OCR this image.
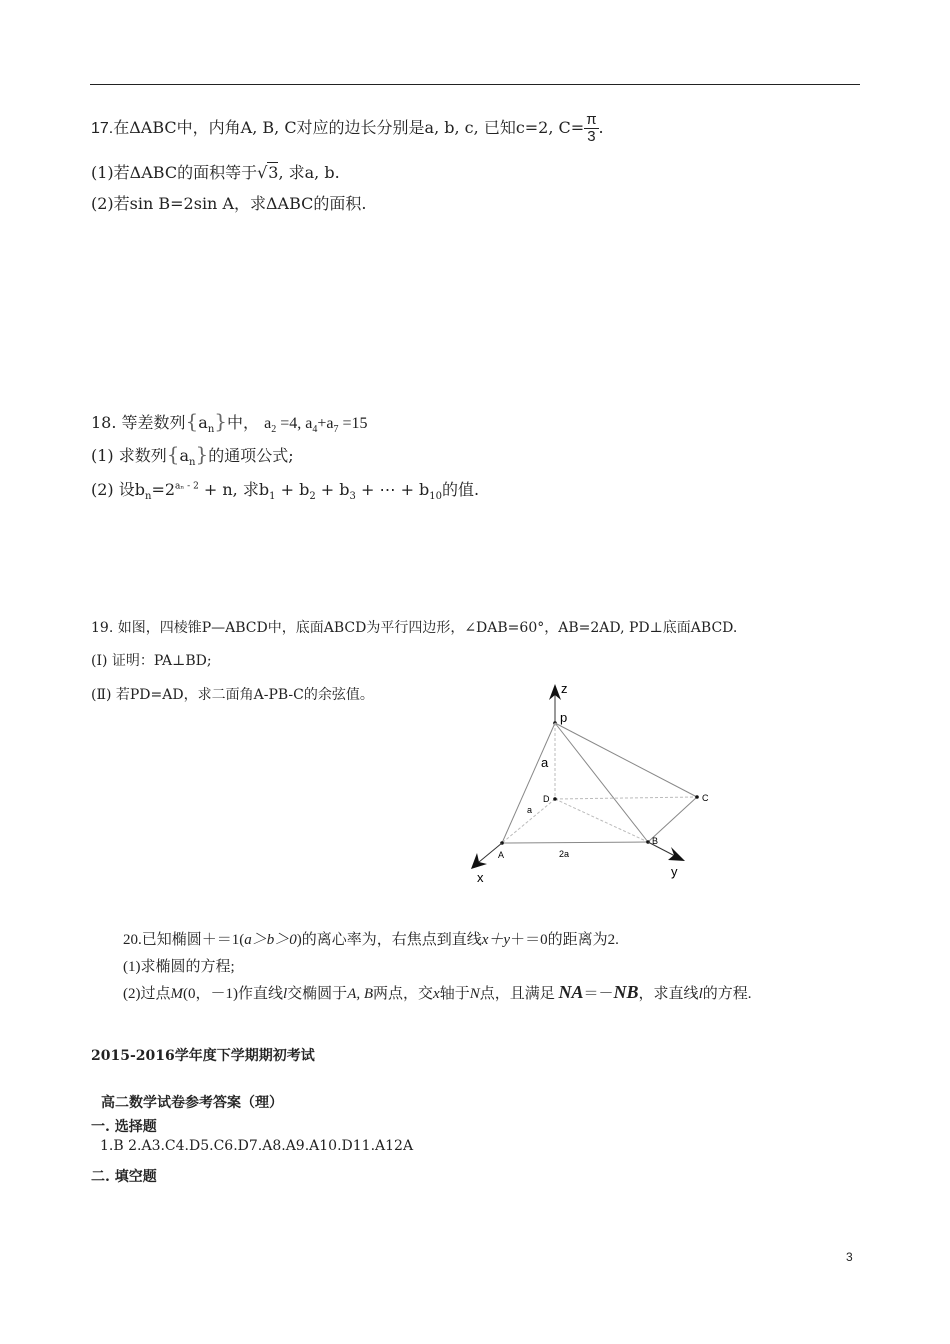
17.在ΔABC中，内角A, B, C对应的边长分别是a, b, c, 已知c=2, $C= \frac{\pi}{3}$ .
(1)若ΔABC的面积等于√3, 求a, b.
(2)若sin B=2sin A，求ΔABC的面积.
18. 等差数列$\{a_n\}$中， $a_2 =4$, $a_4+a_7 =15$
(1) 求数列$\{a_n\}$的通项公式;
(2) 设$b_n=2^{a_n - 2} + n$, 求$b_1 + b_2 + b_3$ + ⋯ + $b_{10}$的值.
19. 如图，四棱锥P—ABCD中，底面ABCD为平行四边形，∠DAB=60°，AB=2AD, PD⊥底面ABCD.
(Ⅰ) 证明：PA⊥BD;
(Ⅱ) 若PD=AD，求二面角A-PB-C的余弦值。	z
p
a
D
a
C
A	2a
B
x	y
20.已知椭圆＋＝1(a＞b＞0)的离心率为，右焦点到直线x＋y＋＝0的距离为2.
(1)求椭圆的方程;
(2)过点M(0，－1)作直线l交椭圆于A, B两点，交x轴于N点，且满足 NA＝－NB，求直线l的方程.
2015-2016学年度下学期期初考试
高二数学试卷参考答案（理）
一. 选择题
1.B 2.A3.C4.D5.C6.D7.A8.A9.A10.D11.A12A
二. 填空题
3
